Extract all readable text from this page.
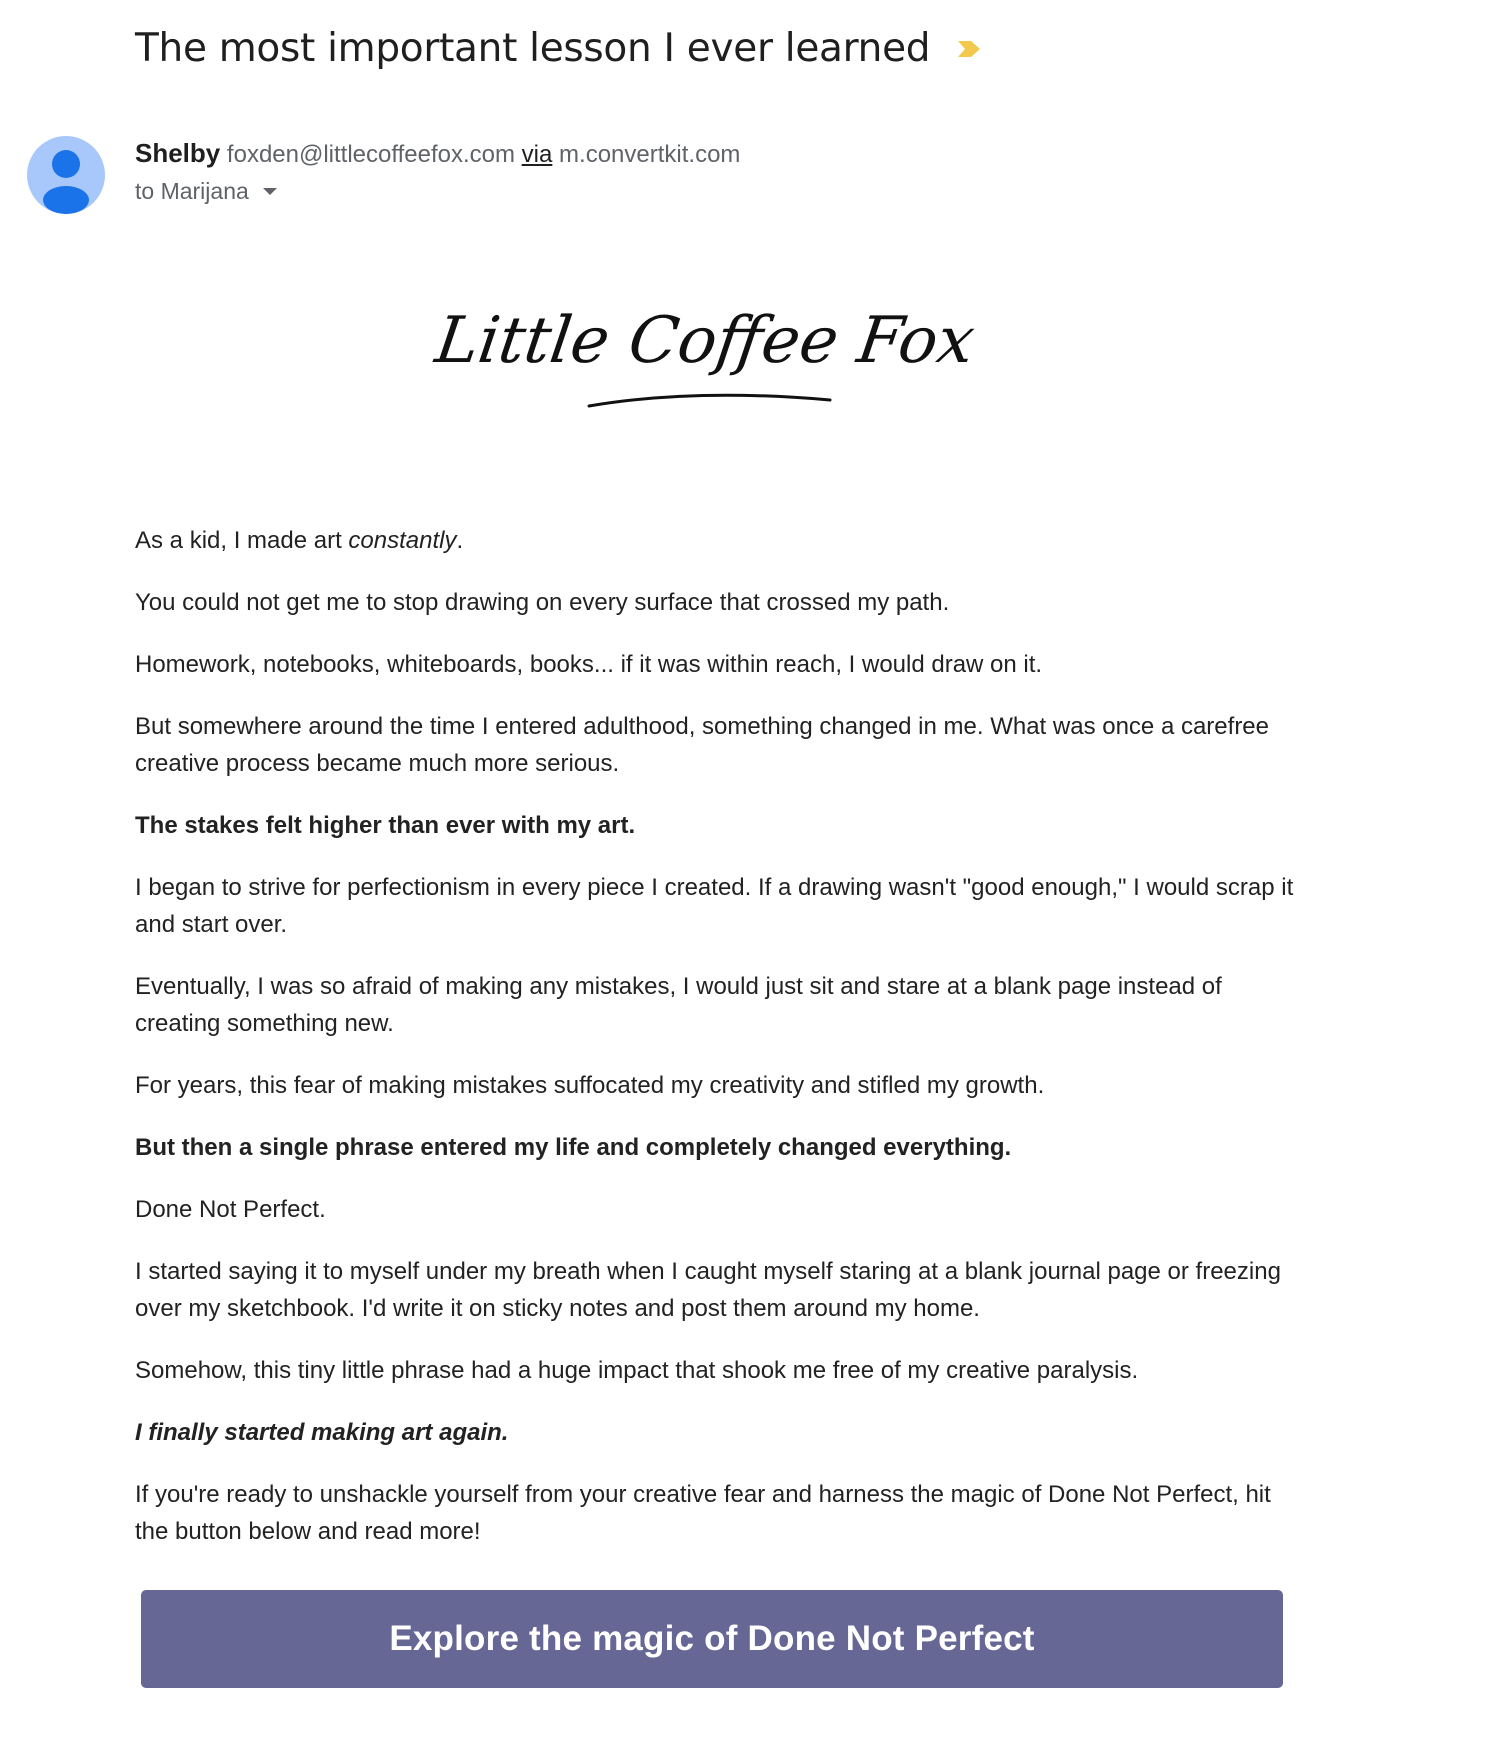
The most important lesson I ever learned
Shelby foxden@littlecoffeefox.com via m.convertkit.com
to Marijana
Little Coffee Fox

As a kid, I made art constantly.

You could not get me to stop drawing on every surface that crossed my path.

Homework, notebooks, whiteboards, books... if it was within reach, I would draw on it.

But somewhere around the time I entered adulthood, something changed in me. What was once a carefree creative process became much more serious.

The stakes felt higher than ever with my art.

I began to strive for perfectionism in every piece I created. If a drawing wasn't "good enough," I would scrap it and start over.

Eventually, I was so afraid of making any mistakes, I would just sit and stare at a blank page instead of creating something new.

For years, this fear of making mistakes suffocated my creativity and stifled my growth.

But then a single phrase entered my life and completely changed everything.

Done Not Perfect.

I started saying it to myself under my breath when I caught myself staring at a blank journal page or freezing over my sketchbook. I'd write it on sticky notes and post them around my home.

Somehow, this tiny little phrase had a huge impact that shook me free of my creative paralysis.

I finally started making art again.

If you're ready to unshackle yourself from your creative fear and harness the magic of Done Not Perfect, hit the button below and read more!

Explore the magic of Done Not Perfect
